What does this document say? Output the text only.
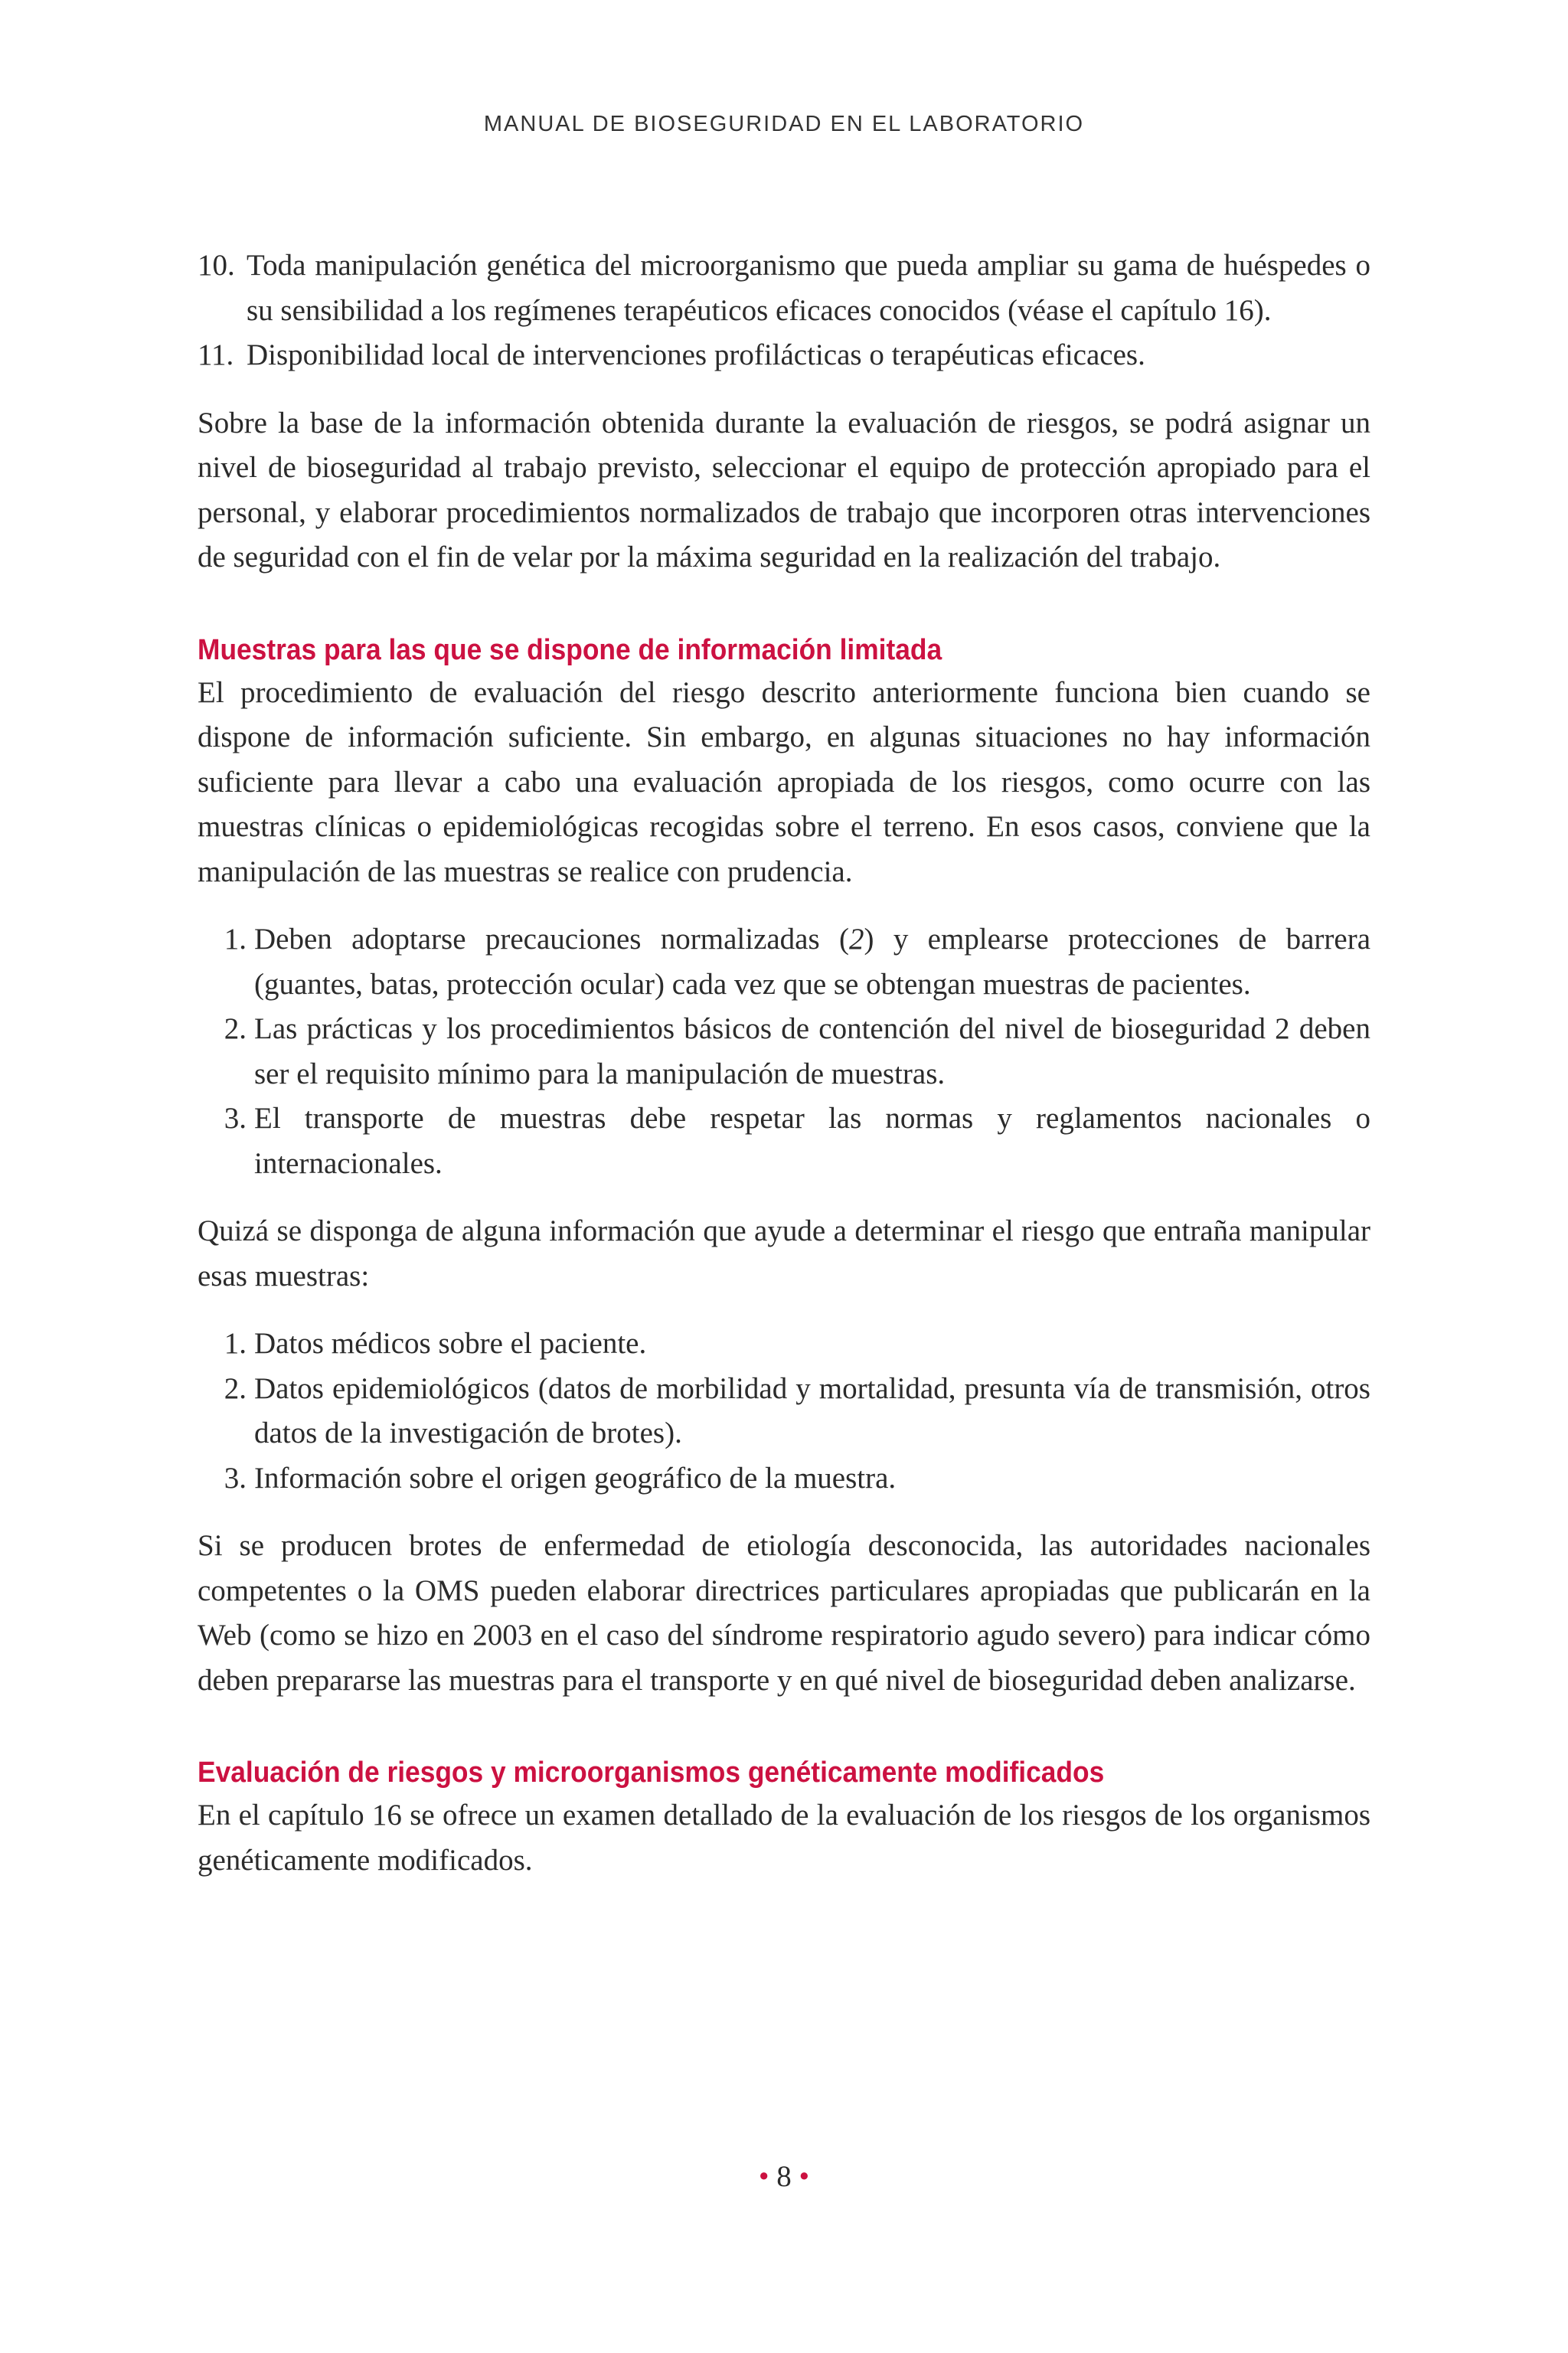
MANUAL DE BIOSEGURIDAD EN EL LABORATORIO
10. Toda manipulación genética del microorganismo que pueda ampliar su gama de huéspedes o su sensibilidad a los regímenes terapéuticos eficaces conocidos (véase el capítulo 16).
11. Disponibilidad local de intervenciones profilácticas o terapéuticas eficaces.

Sobre la base de la información obtenida durante la evaluación de riesgos, se podrá asignar un nivel de bioseguridad al trabajo previsto, seleccionar el equipo de protección apropiado para el personal, y elaborar procedimientos normalizados de trabajo que incorporen otras intervenciones de seguridad con el fin de velar por la máxima seguridad en la realización del trabajo.

Muestras para las que se dispone de información limitada

El procedimiento de evaluación del riesgo descrito anteriormente funciona bien cuando se dispone de información suficiente. Sin embargo, en algunas situaciones no hay información suficiente para llevar a cabo una evaluación apropiada de los riesgos, como ocurre con las muestras clínicas o epidemiológicas recogidas sobre el terreno. En esos casos, conviene que la manipulación de las muestras se realice con prudencia.

1. Deben adoptarse precauciones normalizadas (2) y emplearse protecciones de barrera (guantes, batas, protección ocular) cada vez que se obtengan muestras de pacientes.
2. Las prácticas y los procedimientos básicos de contención del nivel de bioseguridad 2 deben ser el requisito mínimo para la manipulación de muestras.
3. El transporte de muestras debe respetar las normas y reglamentos nacionales o internacionales.

Quizá se disponga de alguna información que ayude a determinar el riesgo que entraña manipular esas muestras:

1. Datos médicos sobre el paciente.
2. Datos epidemiológicos (datos de morbilidad y mortalidad, presunta vía de transmisión, otros datos de la investigación de brotes).
3. Información sobre el origen geográfico de la muestra.

Si se producen brotes de enfermedad de etiología desconocida, las autoridades nacionales competentes o la OMS pueden elaborar directrices particulares apropiadas que publicarán en la Web (como se hizo en 2003 en el caso del síndrome respiratorio agudo severo) para indicar cómo deben prepararse las muestras para el transporte y en qué nivel de bioseguridad deben analizarse.

Evaluación de riesgos y microorganismos genéticamente modificados

En el capítulo 16 se ofrece un examen detallado de la evaluación de los riesgos de los organismos genéticamente modificados.

• 8 •
